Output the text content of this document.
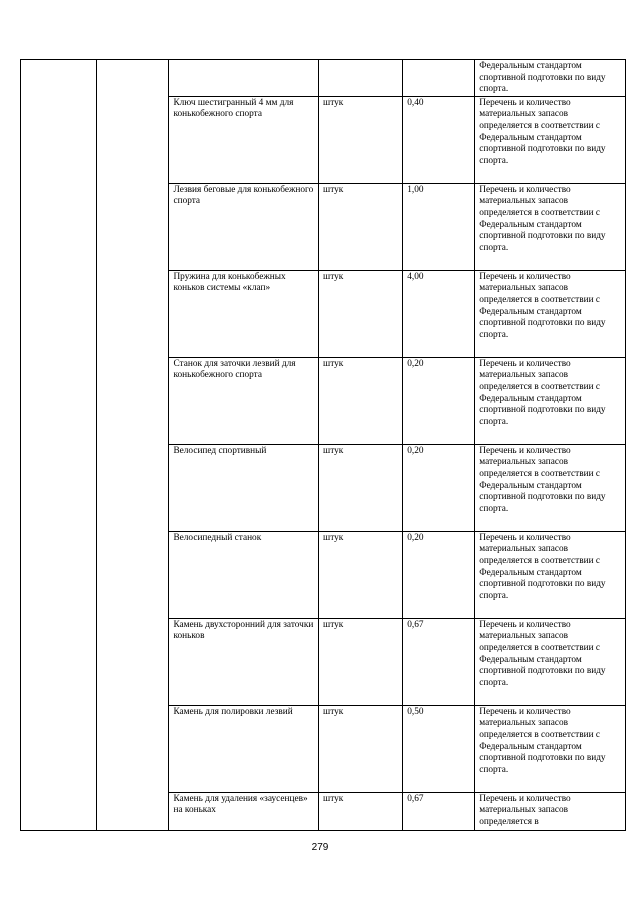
					Федеральным стандартом спортивной подготовки по виду спорта.
		Ключ шестигранный 4 мм для конькобежного спорта	штук	0,40	Перечень и количество материальных запасов определяется в соответствии с Федеральным стандартом спортивной подготовки по виду спорта.
		Лезвия беговые для конькобежного спорта	штук	1,00	Перечень и количество материальных запасов определяется в соответствии с Федеральным стандартом спортивной подготовки по виду спорта.
		Пружина для конькобежных коньков системы «клап»	штук	4,00	Перечень и количество материальных запасов определяется в соответствии с Федеральным стандартом спортивной подготовки по виду спорта.
		Станок для заточки лезвий для конькобежного спорта	штук	0,20	Перечень и количество материальных запасов определяется в соответствии с Федеральным стандартом спортивной подготовки по виду спорта.
		Велосипед спортивный	штук	0,20	Перечень и количество материальных запасов определяется в соответствии с Федеральным стандартом спортивной подготовки по виду спорта.
		Велосипедный станок	штук	0,20	Перечень и количество материальных запасов определяется в соответствии с Федеральным стандартом спортивной подготовки по виду спорта.
		Камень двухсторонний для заточки коньков	штук	0,67	Перечень и количество материальных запасов определяется в соответствии с Федеральным стандартом спортивной подготовки по виду спорта.
		Камень для полировки лезвий	штук	0,50	Перечень и количество материальных запасов определяется в соответствии с Федеральным стандартом спортивной подготовки по виду спорта.
		Камень для удаления «заусенцев» на коньках	штук	0,67	Перечень и количество материальных запасов определяется в
279
